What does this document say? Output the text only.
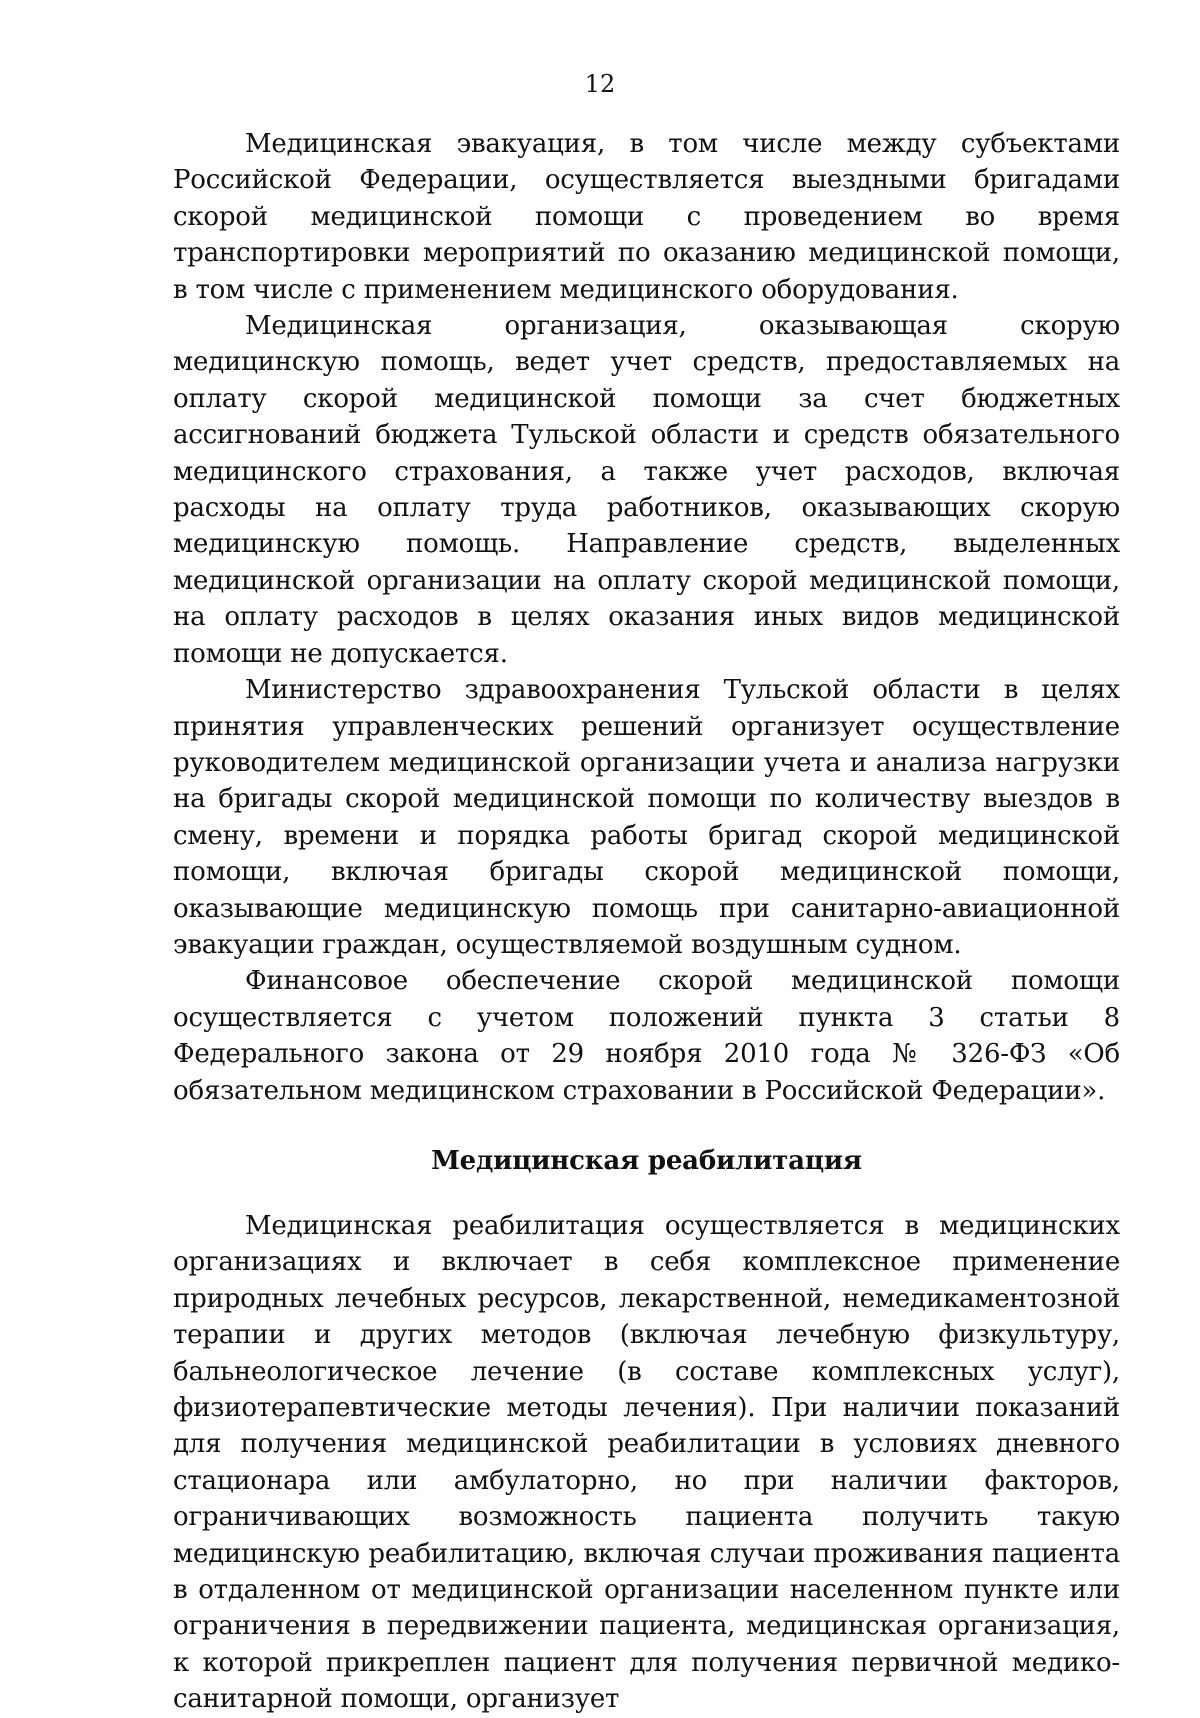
12

Медицинская эвакуация, в том числе между субъектами Российской Федерации, осуществляется выездными бригадами скорой медицинской помощи с проведением во время транспортировки мероприятий по оказанию медицинской помощи, в том числе с применением медицинского оборудования.

Медицинская организация, оказывающая скорую медицинскую помощь, ведет учет средств, предоставляемых на оплату скорой медицинской помощи за счет бюджетных ассигнований бюджета Тульской области и средств обязательного медицинского страхования, а также учет расходов, включая расходы на оплату труда работников, оказывающих скорую медицинскую помощь. Направление средств, выделенных медицинской организации на оплату скорой медицинской помощи, на оплату расходов в целях оказания иных видов медицинской помощи не допускается.

Министерство здравоохранения Тульской области в целях принятия управленческих решений организует осуществление руководителем медицинской организации учета и анализа нагрузки на бригады скорой медицинской помощи по количеству выездов в смену, времени и порядка работы бригад скорой медицинской помощи, включая бригады скорой медицинской помощи, оказывающие медицинскую помощь при санитарно-авиационной эвакуации граждан, осуществляемой воздушным судном.

Финансовое обеспечение скорой медицинской помощи осуществляется с учетом положений пункта 3 статьи 8 Федерального закона от 29 ноября 2010 года № 326-ФЗ «Об обязательном медицинском страховании в Российской Федерации».

Медицинская реабилитация

Медицинская реабилитация осуществляется в медицинских организациях и включает в себя комплексное применение природных лечебных ресурсов, лекарственной, немедикаментозной терапии и других методов (включая лечебную физкультуру, бальнеологическое лечение (в составе комплексных услуг), физиотерапевтические методы лечения). При наличии показаний для получения медицинской реабилитации в условиях дневного стационара или амбулаторно, но при наличии факторов, ограничивающих возможность пациента получить такую медицинскую реабилитацию, включая случаи проживания пациента в отдаленном от медицинской организации населенном пункте или ограничения в передвижении пациента, медицинская организация, к которой прикреплен пациент для получения первичной медико-санитарной помощи, организует
